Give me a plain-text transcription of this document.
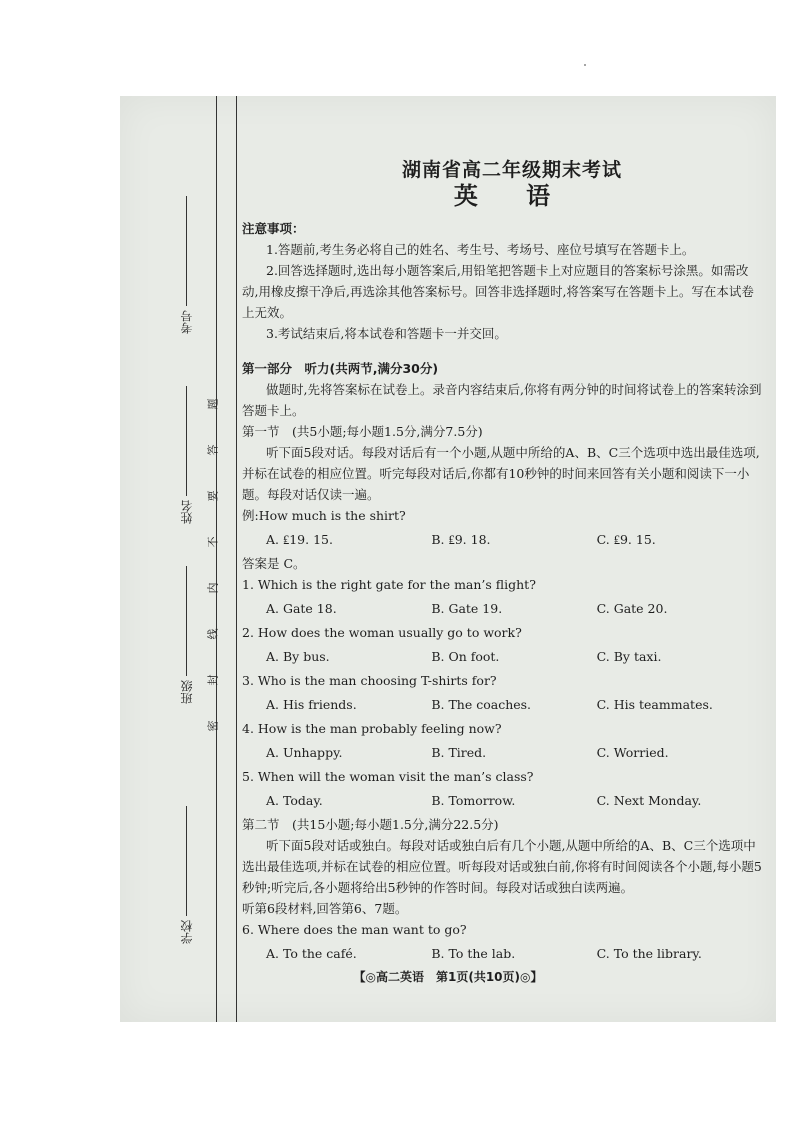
考号
姓名
班级
学校
题
答
要
不
内
线
封
密
湖南省高二年级期末考试
英 语
注意事项：

1.答题前,考生务必将自己的姓名、考生号、考场号、座位号填写在答题卡上。

2.回答选择题时,选出每小题答案后,用铅笔把答题卡上对应题目的答案标号涂黑。如需改动,用橡皮擦干净后,再选涂其他答案标号。回答非选择题时,将答案写在答题卡上。写在本试卷上无效。

3.考试结束后,将本试卷和答题卡一并交回。

第一部分　听力(共两节,满分30分)

做题时,先将答案标在试卷上。录音内容结束后,你将有两分钟的时间将试卷上的答案转涂到答题卡上。

第一节　(共5小题;每小题1.5分,满分7.5分)

听下面5段对话。每段对话后有一个小题,从题中所给的A、B、C三个选项中选出最佳选项,并标在试卷的相应位置。听完每段对话后,你都有10秒钟的时间来回答有关小题和阅读下一小题。每段对话仅读一遍。

例:How much is the shirt?
A. ₤19. 15.	B. ₤9. 18.	C. ₤9. 15.
答案是 C。
1. Which is the right gate for the man’s flight?
A. Gate 18.	B. Gate 19.	C. Gate 20.
2. How does the woman usually go to work?
A. By bus.	B. On foot.	C. By taxi.
3. Who is the man choosing T-shirts for?
A. His friends.	B. The coaches.	C. His teammates.
4. How is the man probably feeling now?
A. Unhappy.	B. Tired.	C. Worried.
5. When will the woman visit the man’s class?
A. Today.	B. Tomorrow.	C. Next Monday.
第二节　(共15小题;每小题1.5分,满分22.5分)

听下面5段对话或独白。每段对话或独白后有几个小题,从题中所给的A、B、C三个选项中选出最佳选项,并标在试卷的相应位置。听每段对话或独白前,你将有时间阅读各个小题,每小题5秒钟;听完后,各小题将给出5秒钟的作答时间。每段对话或独白读两遍。

听第6段材料,回答第6、7题。
6. Where does the man want to go?
A. To the café.	B. To the lab.	C. To the library.
【◎高二英语　第1页(共10页)◎】
